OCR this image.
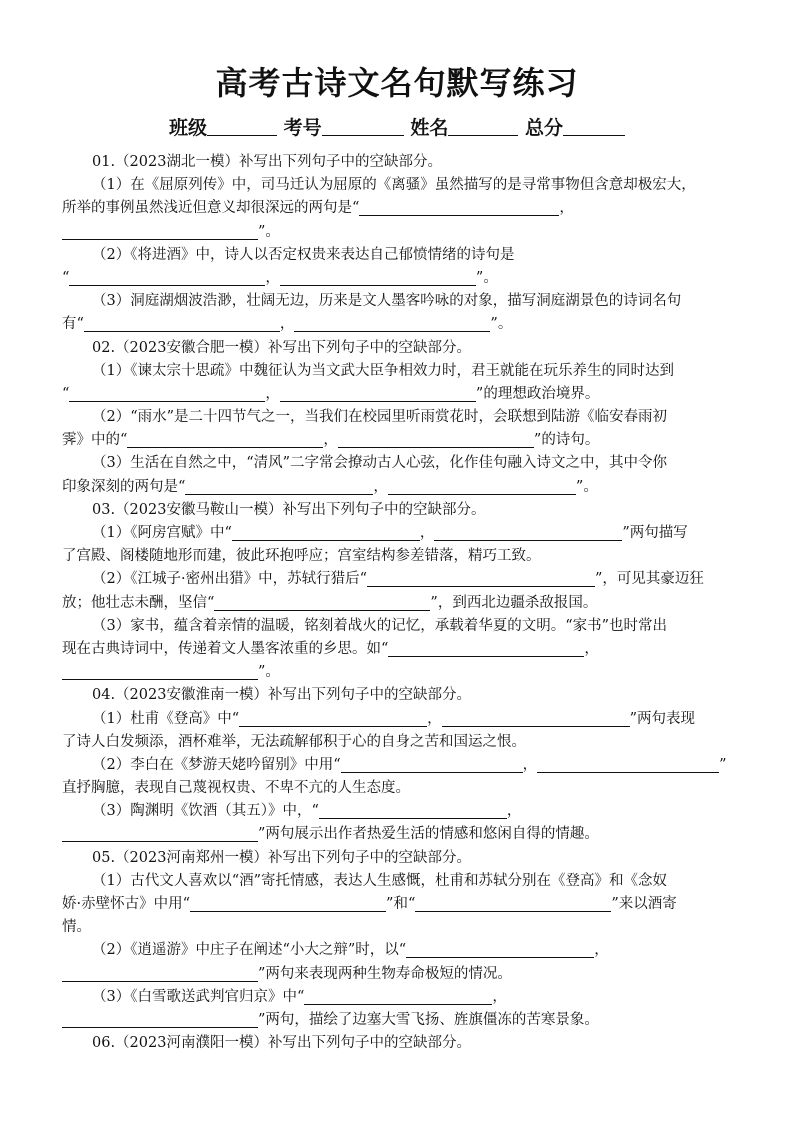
高考古诗文名句默写练习
班级	考号	姓名	总分
01.（2023湖北一模）补写出下列句子中的空缺部分。
（1）在《屈原列传》中，司马迁认为屈原的《离骚》虽然描写的是寻常事物但含意却极宏大，
所举的事例虽然浅近但意义却很深远的两句是“	，
”。
（2）《将进酒》中，诗人以否定权贵来表达自己郁愤情绪的诗句是
“	，	”。
（3）洞庭湖烟波浩渺，壮阔无边，历来是文人墨客吟咏的对象，描写洞庭湖景色的诗词名句
有“	，	”。
02.（2023安徽合肥一模）补写出下列句子中的空缺部分。
（1）《谏太宗十思疏》中魏征认为当文武大臣争相效力时，君王就能在玩乐养生的同时达到
“	，	”的理想政治境界。
（2）“雨水”是二十四节气之一，当我们在校园里听雨赏花时，会联想到陆游《临安春雨初
霁》中的“	，	”的诗句。
（3）生活在自然之中，“清风”二字常会撩动古人心弦，化作佳句融入诗文之中，其中令你
印象深刻的两句是“	，	”。
03.（2023安徽马鞍山一模）补写出下列句子中的空缺部分。
（1）《阿房宫赋》中“	，	”两句描写
了宫殿、阁楼随地形而建，彼此环抱呼应；宫室结构参差错落，精巧工致。
（2）《江城子·密州出猎》中，苏轼行猎后“	”，可见其豪迈狂
放；他壮志未酬，坚信“	”，到西北边疆杀敌报国。
（3）家书，蕴含着亲情的温暖，铭刻着战火的记忆，承载着华夏的文明。“家书”也时常出
现在古典诗词中，传递着文人墨客浓重的乡思。如“	，
”。
04.（2023安徽淮南一模）补写出下列句子中的空缺部分。
（1）杜甫《登高》中“	，	”两句表现
了诗人白发频添，酒杯难举，无法疏解郁积于心的自身之苦和国运之恨。
（2）李白在《梦游天姥吟留别》中用“	，	”
直抒胸臆，表现自己蔑视权贵、不卑不亢的人生态度。
（3）陶渊明《饮酒（其五）》中，“	，
”两句展示出作者热爱生活的情感和悠闲自得的情趣。
05.（2023河南郑州一模）补写出下列句子中的空缺部分。
（1）古代文人喜欢以“酒”寄托情感，表达人生感慨，杜甫和苏轼分别在《登高》和《念奴
娇·赤壁怀古》中用“	”和“	”来以酒寄
情。
（2）《逍遥游》中庄子在阐述“小大之辩”时，以“	，
”两句来表现两种生物寿命极短的情况。
（3）《白雪歌送武判官归京》中“	，
”两句，描绘了边塞大雪飞扬、旌旗僵冻的苦寒景象。
06.（2023河南濮阳一模）补写出下列句子中的空缺部分。
